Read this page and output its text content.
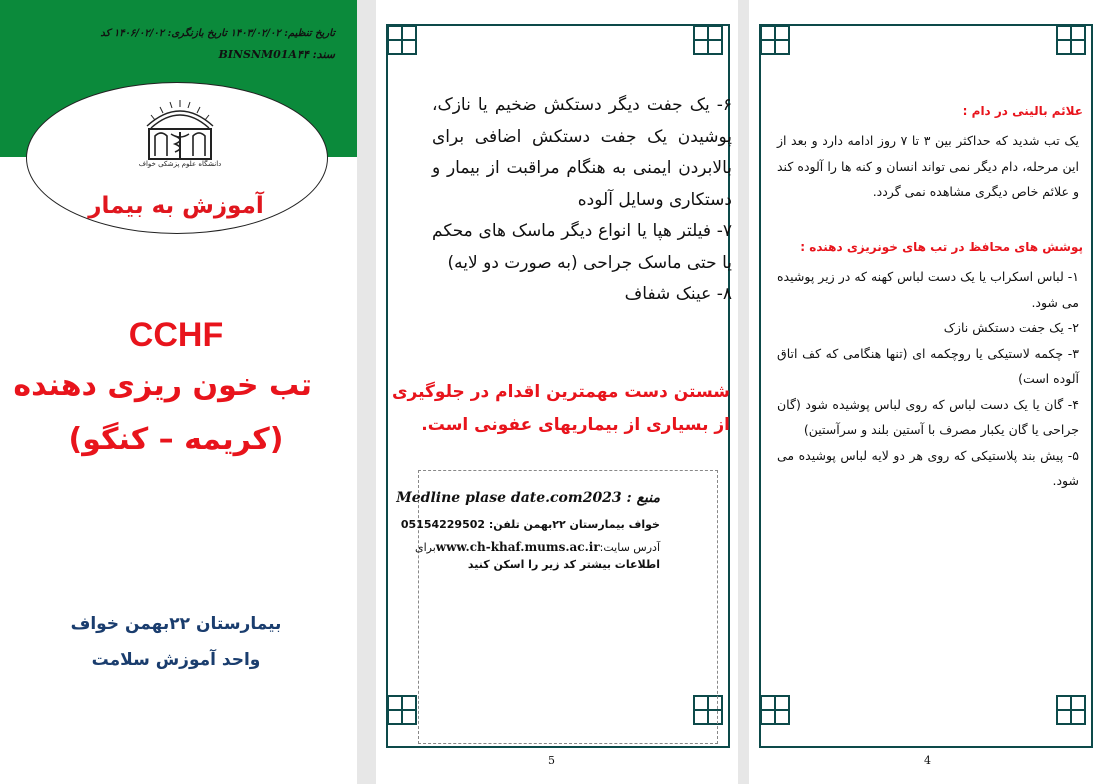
تاریخ تنظیم: ۱۴۰۳/۰۲/۰۲ تاریخ بازنگری: ۱۴۰۶/۰۲/۰۲ کد
سند: BINSNM01A۴۴
دانشگاه علوم پزشکی خواف
آموزش به بیمار
CCHF
تب خون ریزی دهنده
(کریمه – کنگو)
بیمارستان ۲۲بهمن خواف
واحد آموزش سلامت
۶- یک جفت دیگر دستکش ضخیم یا نازک، پوشیدن یک جفت دستکش اضافی برای بالابردن ایمنی به هنگام مراقبت از بیمار و دستکاری وسایل آلوده
۷- فیلتر هپا یا انواع دیگر ماسک های محکم یا حتی ماسک جراحی (به صورت دو لایه)
۸- عینک شفاف
شستن دست مهمترین اقدام در جلوگیری
از بسیاری از بیماریهای عفونی است.
منبع : Medline plase date.com2023
خواف بیمارستان ۲۲بهمن تلفن: 05154229502
آدرس سایت:www.ch-khaf.mums.ac.irبرای
اطلاعات بیشتر کد زیر را اسکن کنید
5
علائم بالینی در دام :
یک تب شدید که حداکثر بین ۳ تا ۷ روز ادامه دارد و بعد از این مرحله، دام دیگر نمی تواند انسان و کنه ها را آلوده کند و علائم خاص دیگری مشاهده نمی گردد.
پوشش های محافظ در تب های خونریزی دهنده :
۱- لباس اسکراب یا یک دست لباس کهنه که در زیر پوشیده می شود.
۲- یک جفت دستکش نازک
۳- چکمه لاستیکی یا روچکمه ای (تنها هنگامی که کف اتاق آلوده است)
۴- گان یا یک دست لباس که روی لباس پوشیده شود (گان جراحی یا گان یکبار مصرف با آستین بلند و سرآستین)
۵- پیش بند پلاستیکی که روی هر دو لایه لباس پوشیده می شود.
4
